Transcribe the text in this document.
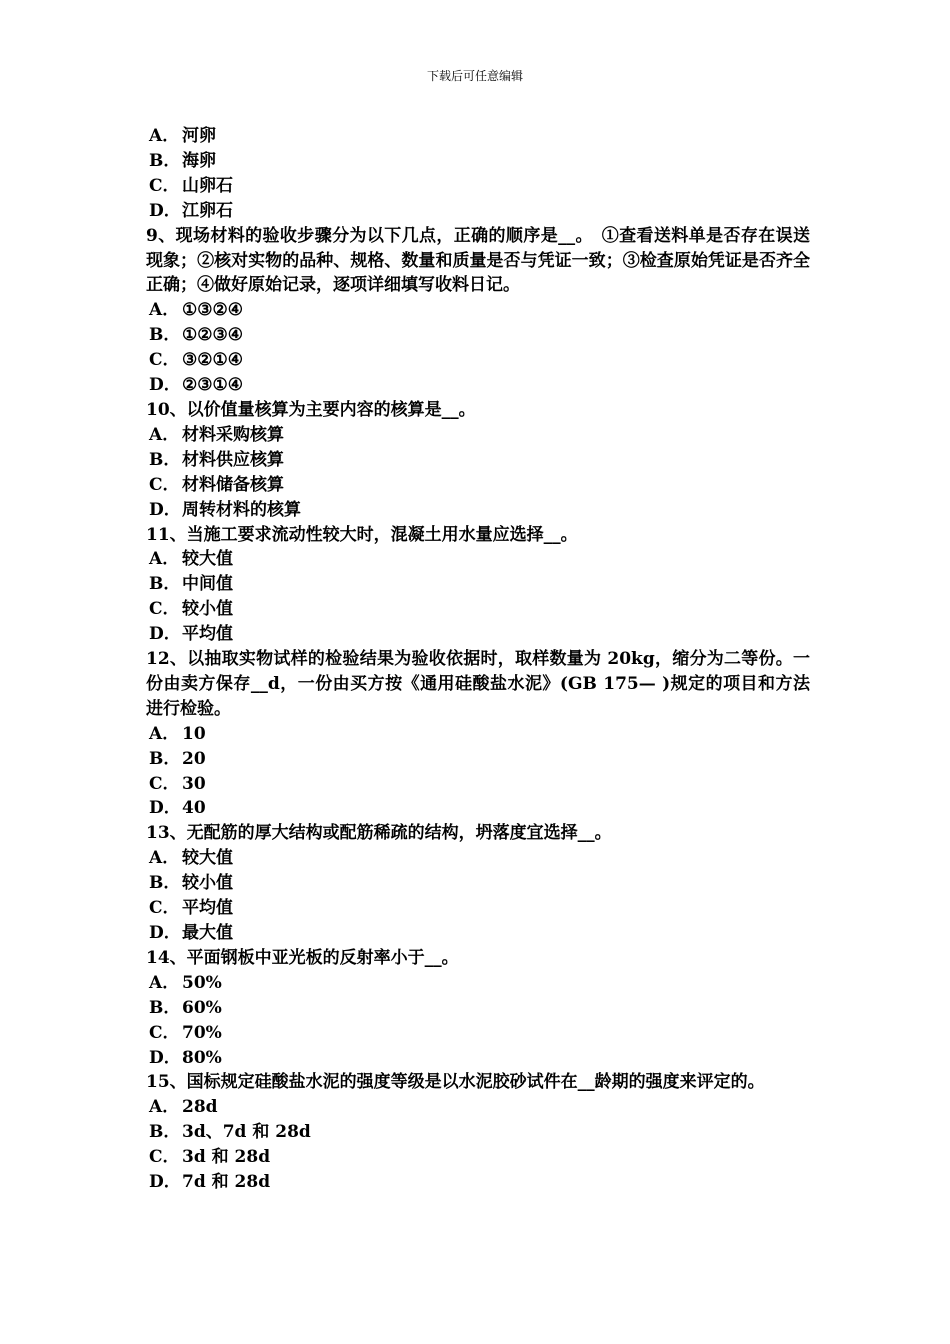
下载后可任意编辑
A． 河卵
B．海卵
C． 山卵石
D．江卵石
9、现场材料的验收步骤分为以下几点，正确的顺序是__。　①查看送料单是否存在误送现象；②核对实物的品种、规格、数量和质量是否与凭证一致；③检查原始凭证是否齐全正确；④做好原始记录，逐项详细填写收料日记。
A． ①③②④
B．①②③④
C． ③②①④
D．②③①④
10、以价值量核算为主要内容的核算是__。
A． 材料采购核算
B．材料供应核算
C． 材料储备核算
D．周转材料的核算
11、当施工要求流动性较大时，混凝土用水量应选择__。
A． 较大值
B．中间值
C． 较小值
D．平均值
12、以抽取实物试样的检验结果为验收依据时，取样数量为 20kg，缩分为二等份。一份由卖方保存__d，一份由买方按《通用硅酸盐水泥》(GB 175— )规定的项目和方法进行检验。
A． 10
B．20
C． 30
D．40
13、无配筋的厚大结构或配筋稀疏的结构，坍落度宜选择__。
A． 较大值
B．较小值
C． 平均值
D．最大值
14、平面钢板中亚光板的反射率小于__。
A． 50%
B．60%
C． 70%
D．80%
15、国标规定硅酸盐水泥的强度等级是以水泥胶砂试件在__龄期的强度来评定的。
A． 28d
B．3d、7d 和 28d
C． 3d 和 28d
D．7d 和 28d
